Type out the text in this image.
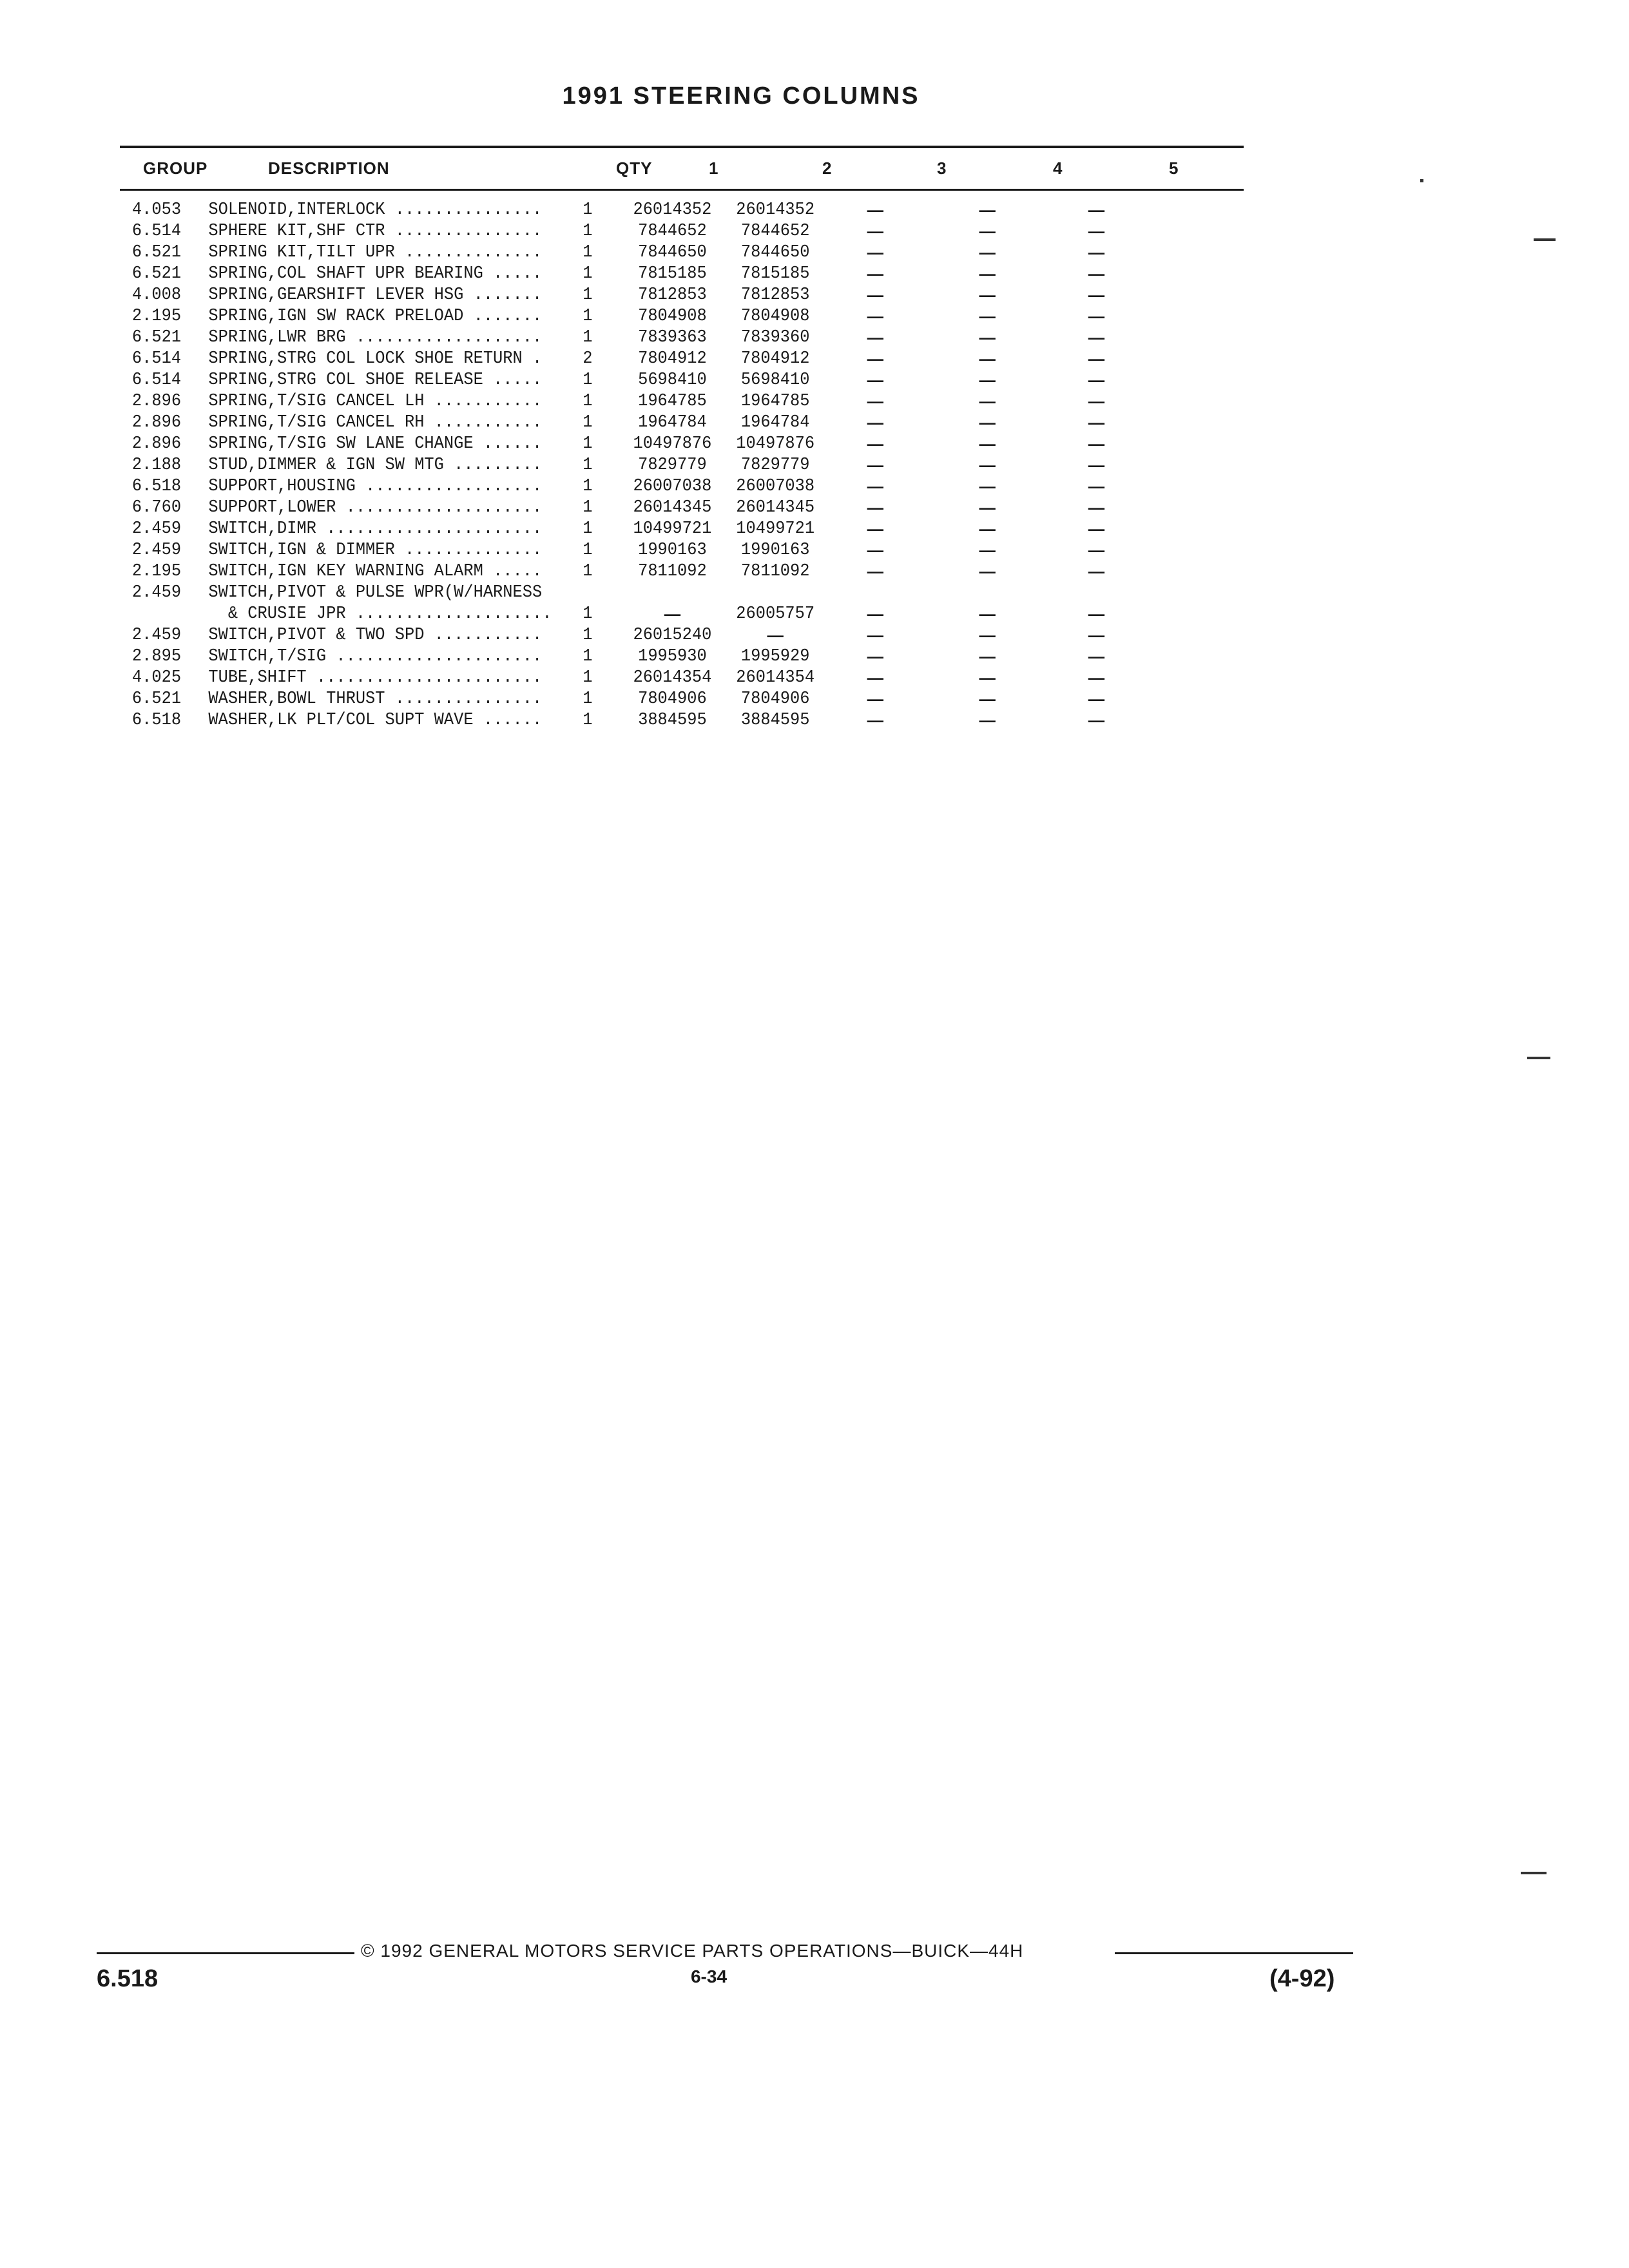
1991 STEERING COLUMNS
GROUP	DESCRIPTION	QTY	1	2	3	4	5
4.053 SOLENOID,INTERLOCK ............... 1	26014352	26014352	—	—	—
6.514 SPHERE KIT,SHF CTR ............... 1	7844652	7844652	—	—	—
6.521 SPRING KIT,TILT UPR .............. 1	7844650	7844650	—	—	—
6.521 SPRING,COL SHAFT UPR BEARING ..... 1	7815185	7815185	—	—	—
4.008 SPRING,GEARSHIFT LEVER HSG ....... 1	7812853	7812853	—	—	—
2.195 SPRING,IGN SW RACK PRELOAD ....... 1	7804908	7804908	—	—	—
6.521 SPRING,LWR BRG ................... 1	7839363	7839360	—	—	—
6.514 SPRING,STRG COL LOCK SHOE RETURN . 2	7804912	7804912	—	—	—
6.514 SPRING,STRG COL SHOE RELEASE ..... 1	5698410	5698410	—	—	—
2.896 SPRING,T/SIG CANCEL LH ........... 1	1964785	1964785	—	—	—
2.896 SPRING,T/SIG CANCEL RH ........... 1	1964784	1964784	—	—	—
2.896 SPRING,T/SIG SW LANE CHANGE ...... 1	10497876	10497876	—	—	—
2.188 STUD,DIMMER & IGN SW MTG ......... 1	7829779	7829779	—	—	—
6.518 SUPPORT,HOUSING .................. 1	26007038	26007038	—	—	—
6.760 SUPPORT,LOWER .................... 1	26014345	26014345	—	—	—
2.459 SWITCH,DIMR ...................... 1	10499721	10499721	—	—	—
2.459 SWITCH,IGN & DIMMER .............. 1	1990163	1990163	—	—	—
2.195 SWITCH,IGN KEY WARNING ALARM ..... 1	7811092	7811092	—	—	—
2.459 SWITCH,PIVOT & PULSE WPR(W/HARNESS
& CRUSIE JPR .................... 1	—	26005757	—	—	—
2.459 SWITCH,PIVOT & TWO SPD ........... 1	26015240	—	—	—	—
2.895 SWITCH,T/SIG ..................... 1	1995930	1995929	—	—	—
4.025 TUBE,SHIFT ....................... 1	26014354	26014354	—	—	—
6.521 WASHER,BOWL THRUST ............... 1	7804906	7804906	—	—	—
6.518 WASHER,LK PLT/COL SUPT WAVE ...... 1	3884595	3884595	—	—	—
© 1992 GENERAL MOTORS SERVICE PARTS OPERATIONS—BUICK—44H
6.518	6-34	(4-92)
